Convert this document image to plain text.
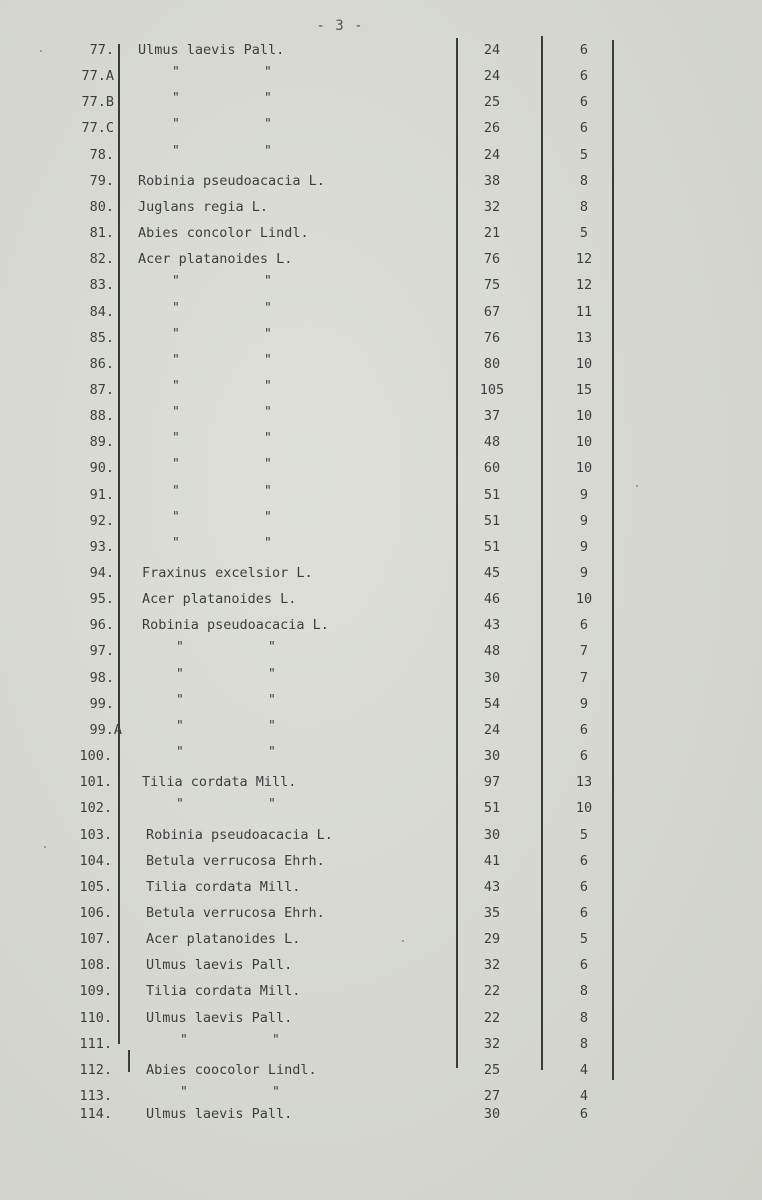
- 3 -
77.	Ulmus laevis Pall.	24	6
77.A	"	"	24	6
77.B	"	"	25	6
77.C	"	"	26	6
78.	"	"	24	5
79.	Robinia pseudoacacia L.	38	8
80.	Juglans regia L.	32	8
81.	Abies concolor Lindl.	21	5
82.	Acer platanoides L.	76	12
83.	"	"	75	12
84.	"	"	67	11
85.	"	"	76	13
86.	"	"	80	10
87.	"	"	105	15
88.	"	"	37	10
89.	"	"	48	10
90.	"	"	60	10
91.	"	"	51	9
92.	"	"	51	9
93.	"	"	51	9
94.	Fraxinus excelsior L.	45	9
95.	Acer platanoides L.	46	10
96.	Robinia pseudoacacia L.	43	6
97.	"	"	48	7
98.	"	"	30	7
99.	"	"	54	9
99.A	"	"	24	6
100.	"	"	30	6
101.	Tilia cordata Mill.	97	13
102.	"	"	51	10
103.	Robinia pseudoacacia L.	30	5
104.	Betula verrucosa Ehrh.	41	6
105.	Tilia cordata Mill.	43	6
106.	Betula verrucosa Ehrh.	35	6
107.	Acer platanoides L.	29	5
108.	Ulmus laevis Pall.	32	6
109.	Tilia cordata Mill.	22	8
110.	Ulmus laevis Pall.	22	8
111.	"	"	32	8
112.	Abies coocolor Lindl.	25	4
113.	"	"	27	4
114.	Ulmus laevis Pall.	30	6
